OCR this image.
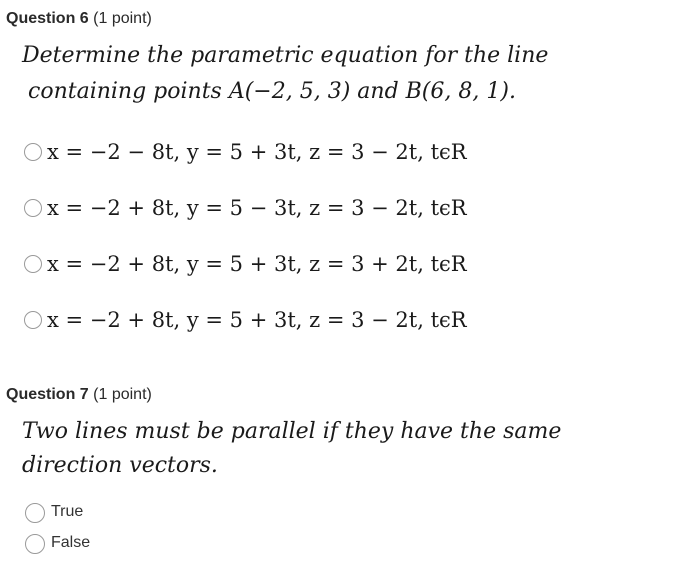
Question 6 (1 point)
Determine the parametric equation for the line
containing points A(−2, 5, 3) and B(6, 8, 1).
x = −2 − 8t, y = 5 + 3t, z = 3 − 2t, tϵR
x = −2 + 8t, y = 5 − 3t, z = 3 − 2t, tϵR
x = −2 + 8t, y = 5 + 3t, z = 3 + 2t, tϵR
x = −2 + 8t, y = 5 + 3t, z = 3 − 2t, tϵR
Question 7 (1 point)
Two lines must be parallel if they have the same
direction vectors.
True
False
